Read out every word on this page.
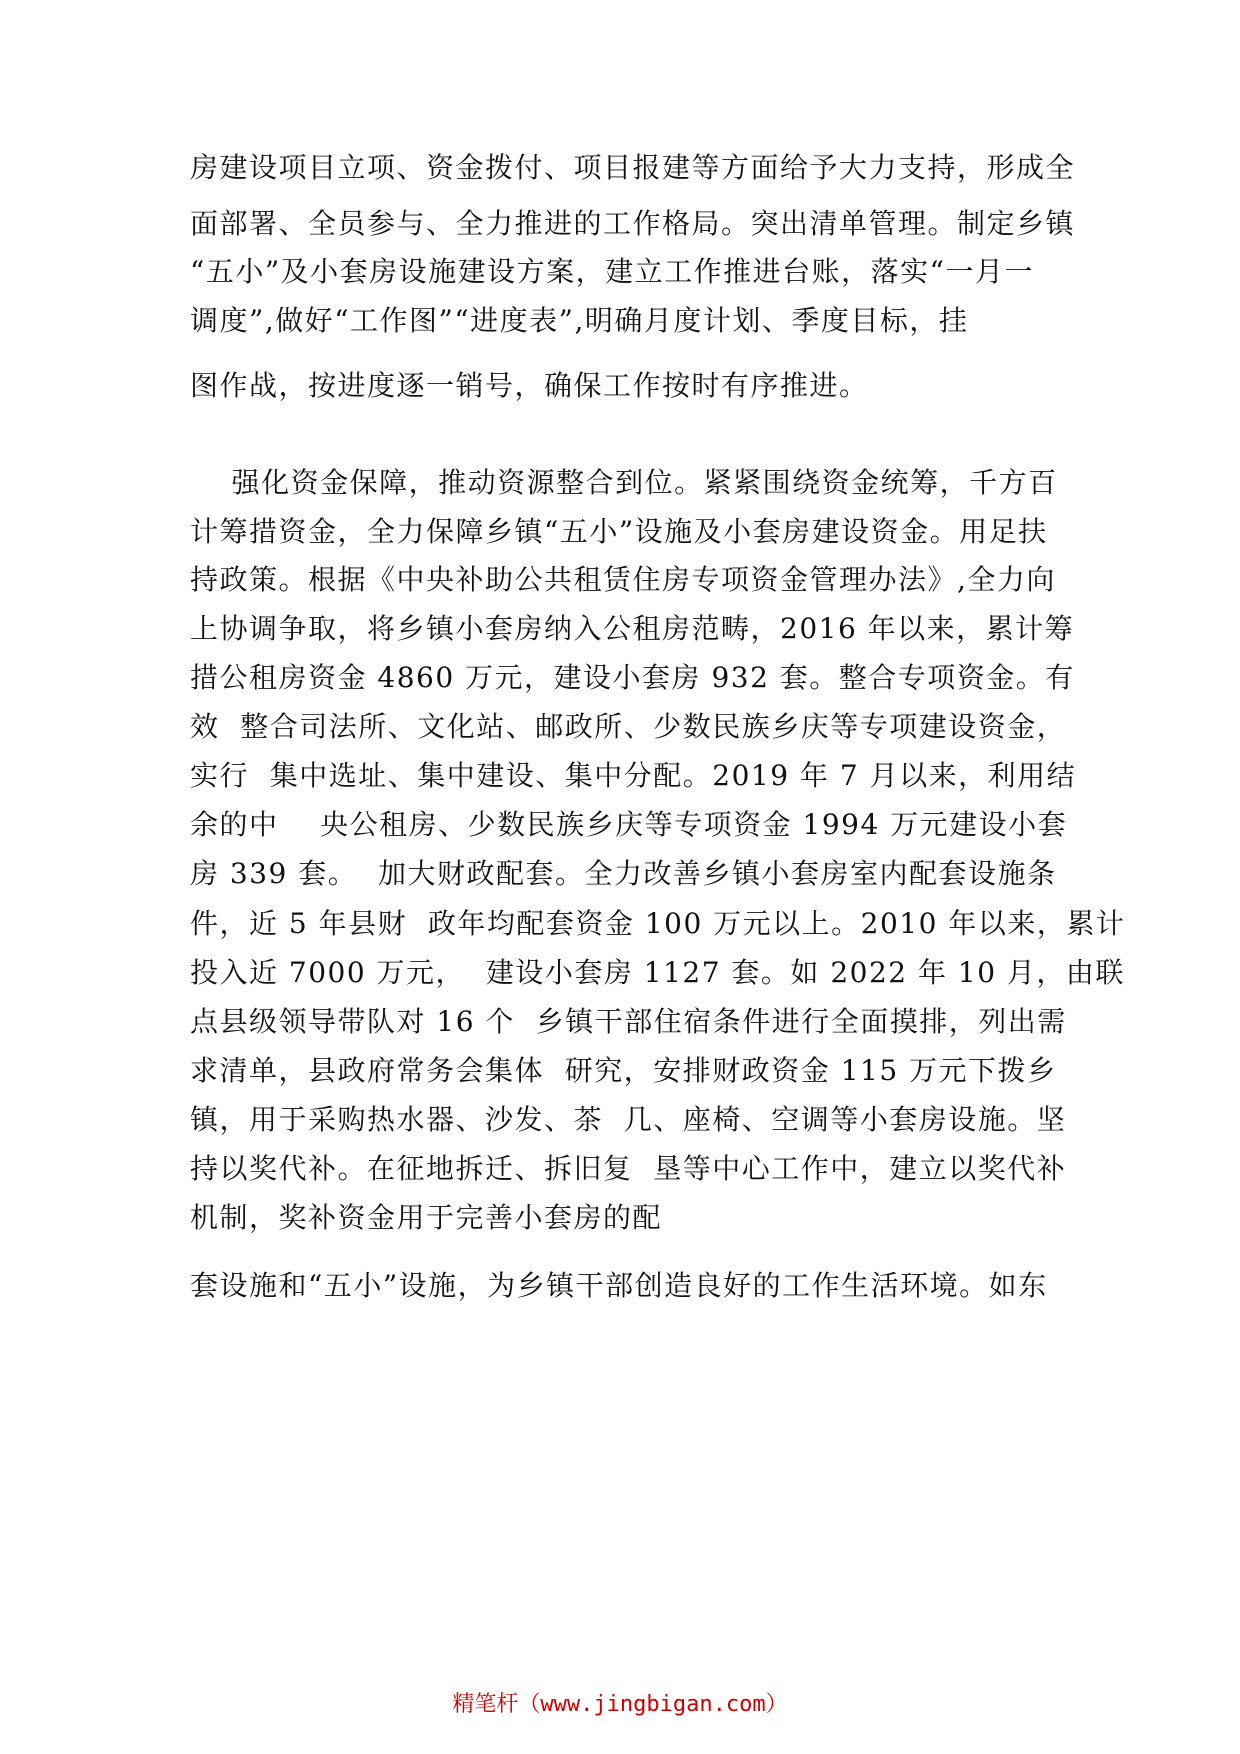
房建设项目立项、资金拨付、项目报建等方面给予大力支持，形成全
面部署、全员参与、全力推进的工作格局。突出清单管理。制定乡镇
“五小”及小套房设施建设方案，建立工作推进台账，落实“一月一
调度”,做好“工作图”“进度表”,明确月度计划、季度目标，挂
图作战，按进度逐一销号，确保工作按时有序推进。
强化资金保障，推动资源整合到位。紧紧围绕资金统筹，千方百
计筹措资金，全力保障乡镇“五小”设施及小套房建设资金。用足扶
持政策。根据《中央补助公共租赁住房专项资金管理办法》,全力向
上协调争取，将乡镇小套房纳入公租房范畴，2016 年以来，累计筹
措公租房资金 4860 万元，建设小套房 932 套。整合专项资金。有
效  整合司法所、文化站、邮政所、少数民族乡庆等专项建设资金，
实行  集中选址、集中建设、集中分配。2019 年 7 月以来，利用结
余的中    央公租房、少数民族乡庆等专项资金 1994 万元建设小套
房 339 套。  加大财政配套。全力改善乡镇小套房室内配套设施条
件，近 5 年县财  政年均配套资金 100 万元以上。2010 年以来，累计
投入近 7000 万元，  建设小套房 1127 套。如 2022 年 10 月，由联
点县级领导带队对 16 个  乡镇干部住宿条件进行全面摸排，列出需
求清单，县政府常务会集体  研究，安排财政资金 115 万元下拨乡
镇，用于采购热水器、沙发、茶  几、座椅、空调等小套房设施。坚
持以奖代补。在征地拆迁、拆旧复  垦等中心工作中，建立以奖代补
机制，奖补资金用于完善小套房的配
套设施和“五小”设施，为乡镇干部创造良好的工作生活环境。如东
精笔杆（www.jingbigan.com）
